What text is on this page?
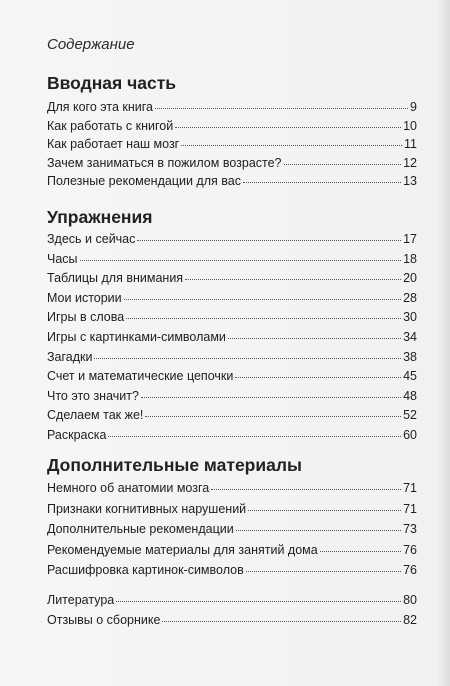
Содержание
Вводная часть
Для кого эта книга	9
Как работать с книгой	10
Как работает наш мозг	11
Зачем заниматься в пожилом возрасте?	12
Полезные рекомендации для вас	13
Упражнения
Здесь и сейчас	17
Часы	18
Таблицы для внимания	20
Мои истории	28
Игры в слова	30
Игры с картинками-символами	34
Загадки	38
Счет и математические цепочки	45
Что это значит?	48
Сделаем так же!	52
Раскраска	60
Дополнительные материалы
Немного об анатомии мозга	71
Признаки когнитивных нарушений	71
Дополнительные рекомендации	73
Рекомендуемые материалы для занятий дома	76
Расшифровка картинок-символов	76
Литература	80
Отзывы о сборнике	82
